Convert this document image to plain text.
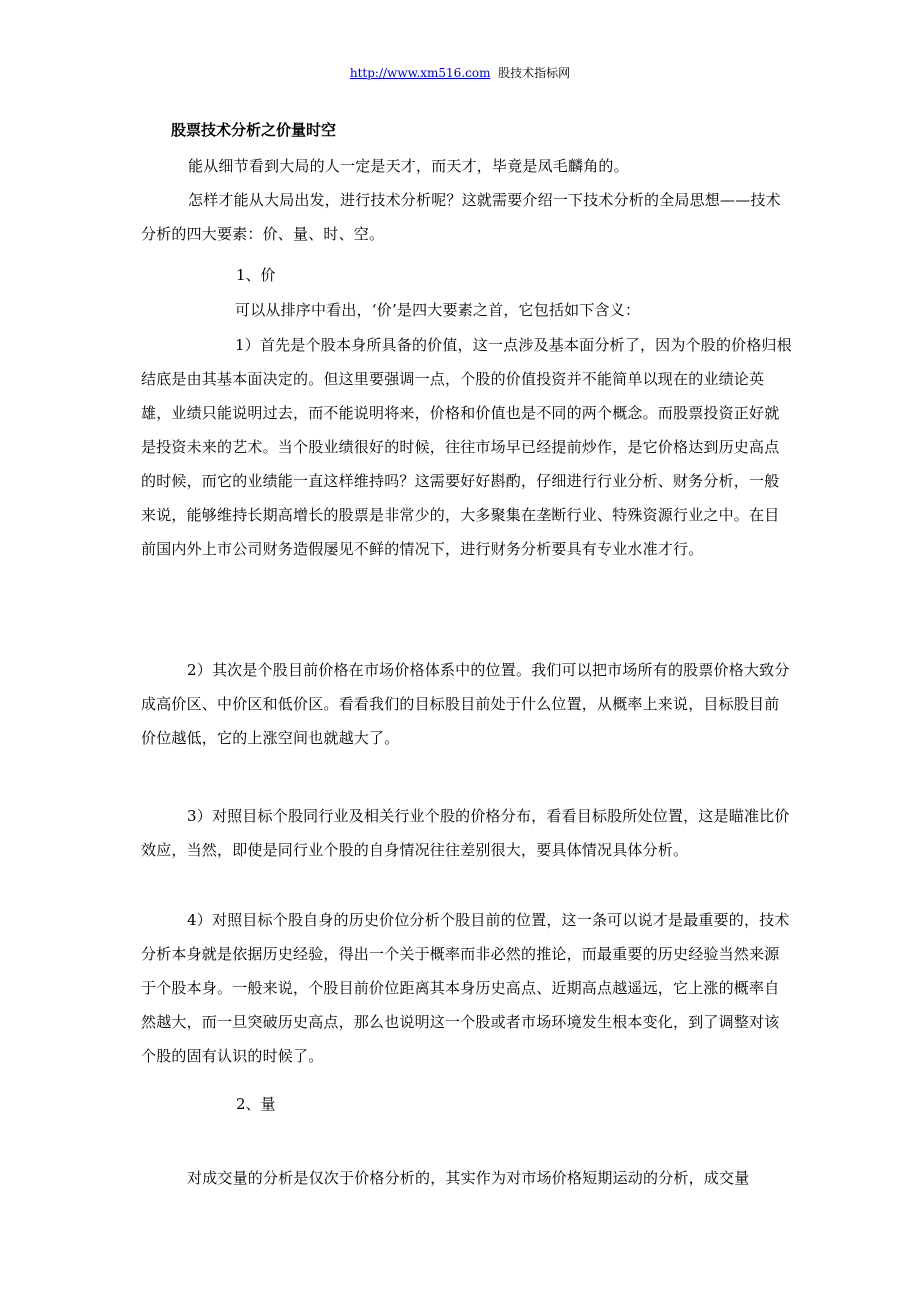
http://www.xm516.com 股技术指标网
股票技术分析之价量时空

能从细节看到大局的人一定是天才，而天才，毕竟是凤毛麟角的。

怎样才能从大局出发，进行技术分析呢？这就需要介绍一下技术分析的全局思想——技术分析的四大要素：价、量、时、空。

1、价

可以从排序中看出，‘价’是四大要素之首，它包括如下含义：

1）首先是个股本身所具备的价值，这一点涉及基本面分析了，因为个股的价格归根结底是由其基本面决定的。但这里要强调一点，个股的价值投资并不能简单以现在的业绩论英雄，业绩只能说明过去，而不能说明将来，价格和价值也是不同的两个概念。而股票投资正好就是投资未来的艺术。当个股业绩很好的时候，往往市场早已经提前炒作，是它价格达到历史高点的时候，而它的业绩能一直这样维持吗？这需要好好斟酌，仔细进行行业分析、财务分析，一般来说，能够维持长期高增长的股票是非常少的，大多聚集在垄断行业、特殊资源行业之中。在目前国内外上市公司财务造假屡见不鲜的情况下，进行财务分析要具有专业水准才行。

2）其次是个股目前价格在市场价格体系中的位置。我们可以把市场所有的股票价格大致分成高价区、中价区和低价区。看看我们的目标股目前处于什么位置，从概率上来说，目标股目前价位越低，它的上涨空间也就越大了。

3）对照目标个股同行业及相关行业个股的价格分布，看看目标股所处位置，这是瞄准比价效应，当然，即使是同行业个股的自身情况往往差别很大，要具体情况具体分析。

4）对照目标个股自身的历史价位分析个股目前的位置，这一条可以说才是最重要的，技术分析本身就是依据历史经验，得出一个关于概率而非必然的推论，而最重要的历史经验当然来源于个股本身。一般来说，个股目前价位距离其本身历史高点、近期高点越遥远，它上涨的概率自然越大，而一旦突破历史高点，那么也说明这一个股或者市场环境发生根本变化，到了调整对该个股的固有认识的时候了。

2、量

对成交量的分析是仅次于价格分析的，其实作为对市场价格短期运动的分析，成交量
